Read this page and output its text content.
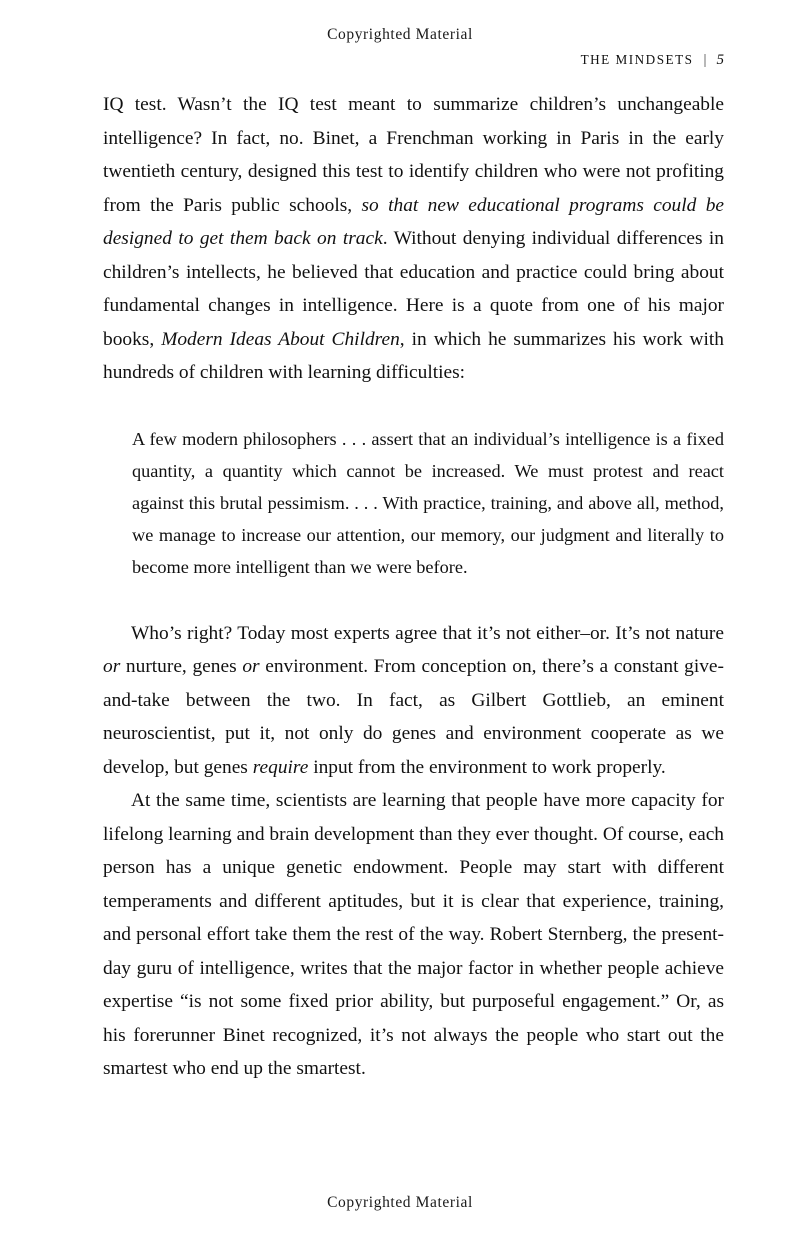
Copyrighted Material
THE MINDSETS | 5

IQ test. Wasn’t the IQ test meant to summarize children’s unchangeable intelligence? In fact, no. Binet, a Frenchman working in Paris in the early twentieth century, designed this test to identify children who were not profiting from the Paris public schools, so that new educational programs could be designed to get them back on track. Without denying individual differences in children’s intellects, he believed that education and practice could bring about fundamental changes in intelligence. Here is a quote from one of his major books, Modern Ideas About Children, in which he summarizes his work with hundreds of children with learning difficulties:

A few modern philosophers . . . assert that an individual’s intelligence is a fixed quantity, a quantity which cannot be increased. We must protest and react against this brutal pessimism. . . . With practice, training, and above all, method, we manage to increase our attention, our memory, our judgment and literally to become more intelligent than we were before.

Who’s right? Today most experts agree that it’s not either–or. It’s not nature or nurture, genes or environment. From conception on, there’s a constant give-and-take between the two. In fact, as Gilbert Gottlieb, an eminent neuroscientist, put it, not only do genes and environment cooperate as we develop, but genes require input from the environment to work properly.

At the same time, scientists are learning that people have more capacity for lifelong learning and brain development than they ever thought. Of course, each person has a unique genetic endowment. People may start with different temperaments and different aptitudes, but it is clear that experience, training, and personal effort take them the rest of the way. Robert Sternberg, the present-day guru of intelligence, writes that the major factor in whether people achieve expertise “is not some fixed prior ability, but purposeful engagement.” Or, as his forerunner Binet recognized, it’s not always the people who start out the smartest who end up the smartest.

Copyrighted Material
